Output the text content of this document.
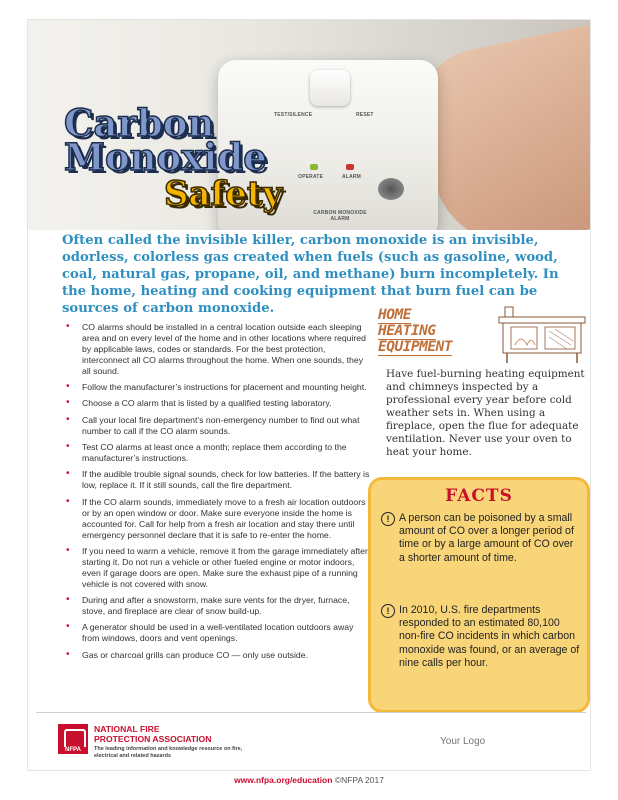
TEST/SILENCE	RESET
OPERATE	ALARM
CARBON MONOXIDE ALARM
Carbon
Monoxide
Safety
Often called the invisible killer, carbon monoxide is an invisible, odorless, colorless gas created when fuels (such as gasoline, wood, coal, natural gas, propane, oil, and methane) burn incompletely. In the home, heating and cooking equipment that burn fuel can be sources of carbon monoxide.
• CO alarms should be installed in a central location outside each sleeping area and on every level of the home and in other locations where required by applicable laws, codes or standards. For the best protection, interconnect all CO alarms throughout the home. When one sounds, they all sound.
• Follow the manufacturer’s instructions for placement and mounting height.
• Choose a CO alarm that is listed by a qualified testing laboratory.
• Call your local fire department’s non-emergency number to find out what number to call if the CO alarm sounds.
• Test CO alarms at least once a month; replace them according to the manufacturer’s instructions.
• If the audible trouble signal sounds, check for low batteries. If the battery is low, replace it. If it still sounds, call the fire department.
• If the CO alarm sounds, immediately move to a fresh air location outdoors or by an open window or door. Make sure everyone inside the home is accounted for. Call for help from a fresh air location and stay there until emergency personnel declare that it is safe to re-enter the home.
• If you need to warm a vehicle, remove it from the garage immediately after starting it. Do not run a vehicle or other fueled engine or motor indoors, even if garage doors are open. Make sure the exhaust pipe of a running vehicle is not covered with snow.
• During and after a snowstorm, make sure vents for the dryer, furnace, stove, and fireplace are clear of snow build-up.
• A generator should be used in a well-ventilated location outdoors away from windows, doors and vent openings.
• Gas or charcoal grills can produce CO — only use outside.
HOME
HEATING
EQUIPMENT
Have fuel-burning heating equipment and chimneys inspected by a professional every year before cold weather sets in. When using a fireplace, open the flue for adequate ventilation. Never use your oven to heat your home.
FACTS
! A person can be poisoned by a small amount of CO over a longer period of time or by a large amount of CO over a shorter amount of time.
! In 2010, U.S. fire departments responded to an estimated 80,100 non-fire CO incidents in which carbon monoxide was found, or an average of nine calls per hour.
NFPA
NATIONAL FIRE
PROTECTION ASSOCIATION
The leading information and knowledge resource on fire, electrical and related hazards
Your Logo
www.nfpa.org/education ©NFPA 2017
